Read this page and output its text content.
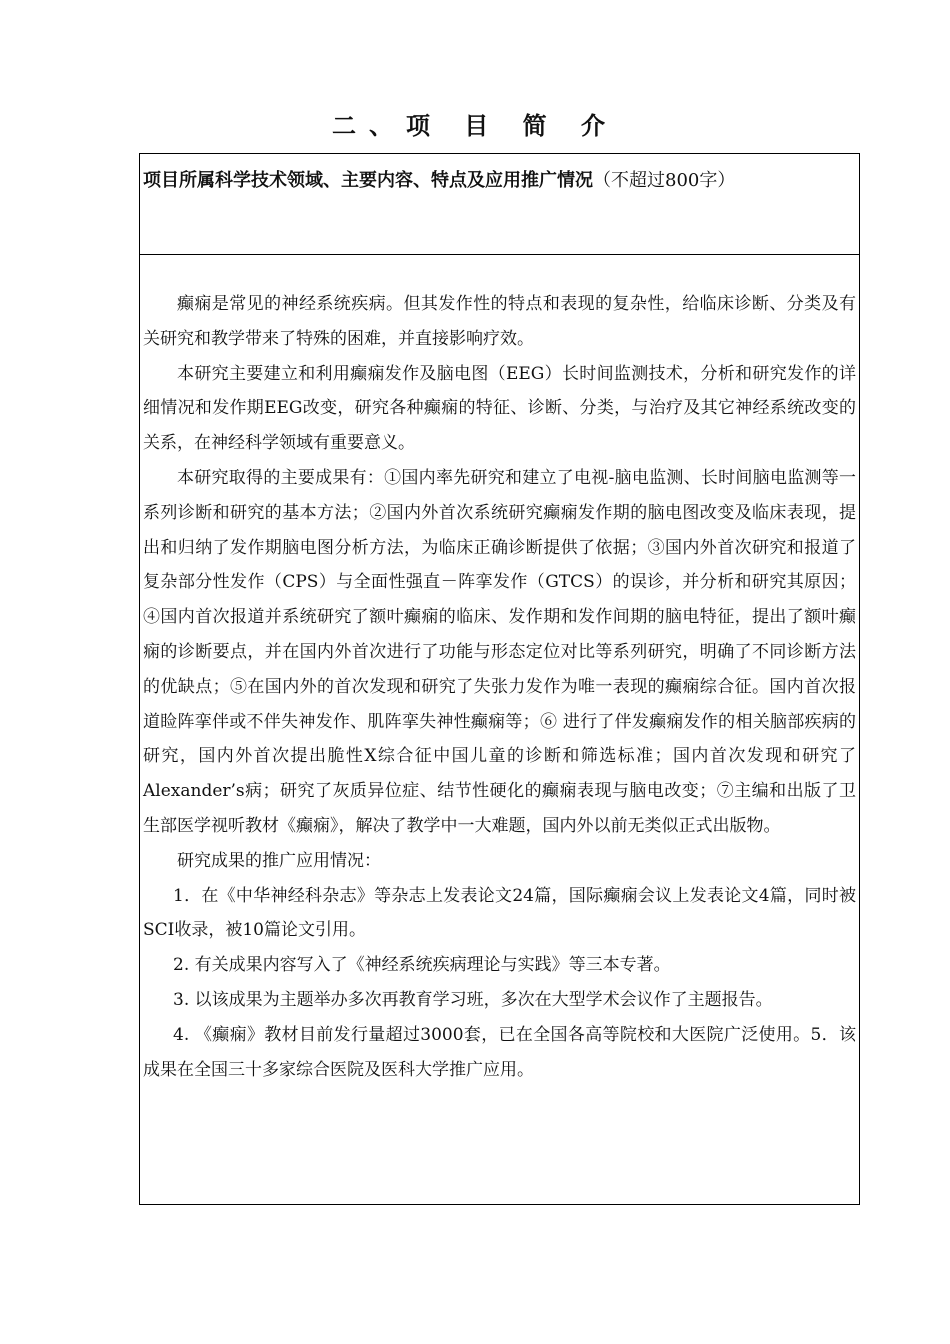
二、项 目 简 介
项目所属科学技术领域、主要内容、特点及应用推广情况（不超过800字）

癫痫是常见的神经系统疾病。但其发作性的特点和表现的复杂性，给临床诊断、分类及有关研究和教学带来了特殊的困难，并直接影响疗效。

本研究主要建立和利用癫痫发作及脑电图（EEG）长时间监测技术，分析和研究发作的详细情况和发作期EEG改变，研究各种癫痫的特征、诊断、分类，与治疗及其它神经系统改变的关系，在神经科学领域有重要意义。

本研究取得的主要成果有：①国内率先研究和建立了电视-脑电监测、长时间脑电监测等一系列诊断和研究的基本方法；②国内外首次系统研究癫痫发作期的脑电图改变及临床表现，提出和归纳了发作期脑电图分析方法，为临床正确诊断提供了依据；③国内外首次研究和报道了复杂部分性发作（CPS）与全面性强直－阵挛发作（GTCS）的误诊，并分析和研究其原因；④国内首次报道并系统研究了额叶癫痫的临床、发作期和发作间期的脑电特征，提出了额叶癫痫的诊断要点，并在国内外首次进行了功能与形态定位对比等系列研究，明确了不同诊断方法的优缺点；⑤在国内外的首次发现和研究了失张力发作为唯一表现的癫痫综合征。国内首次报道睑阵挛伴或不伴失神发作、肌阵挛失神性癫痫等；⑥ 进行了伴发癫痫发作的相关脑部疾病的研究，国内外首次提出脆性X综合征中国儿童的诊断和筛选标准；国内首次发现和研究了Alexander’s病；研究了灰质异位症、结节性硬化的癫痫表现与脑电改变；⑦主编和出版了卫生部医学视听教材《癫痫》，解决了教学中一大难题，国内外以前无类似正式出版物。

研究成果的推广应用情况：

1．在《中华神经科杂志》等杂志上发表论文24篇，国际癫痫会议上发表论文4篇，同时被SCI收录，被10篇论文引用。

2. 有关成果内容写入了《神经系统疾病理论与实践》等三本专著。

3. 以该成果为主题举办多次再教育学习班，多次在大型学术会议作了主题报告。

4. 《癫痫》教材目前发行量超过3000套，已在全国各高等院校和大医院广泛使用。5．该成果在全国三十多家综合医院及医科大学推广应用。
